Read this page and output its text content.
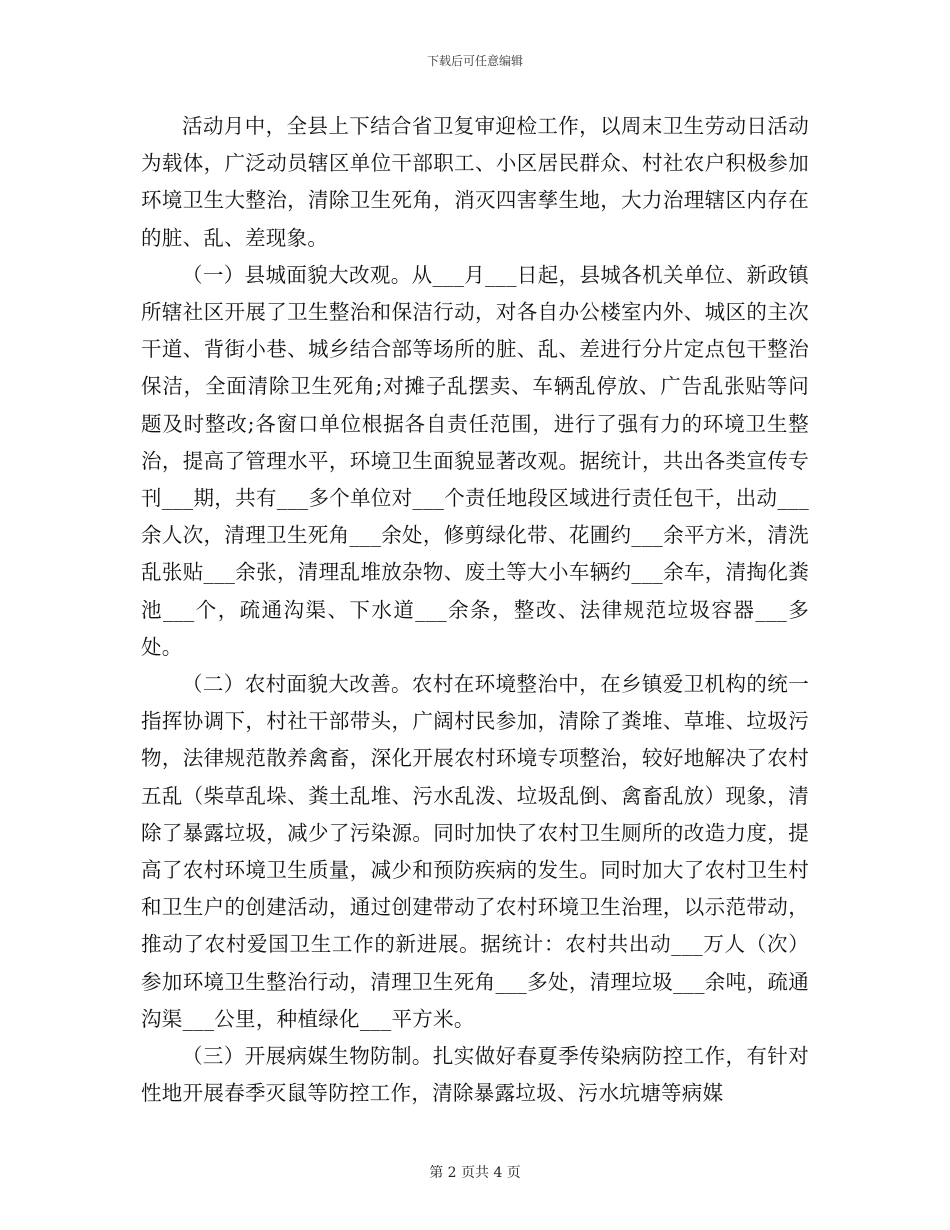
下载后可任意编辑

活动月中，全县上下结合省卫复审迎检工作，以周末卫生劳动日活动为载体，广泛动员辖区单位干部职工、小区居民群众、村社农户积极参加环境卫生大整治，清除卫生死角，消灭四害孳生地，大力治理辖区内存在的脏、乱、差现象。

（一）县城面貌大改观。从___月___日起，县城各机关单位、新政镇所辖社区开展了卫生整治和保洁行动，对各自办公楼室内外、城区的主次干道、背街小巷、城乡结合部等场所的脏、乱、差进行分片定点包干整治保洁，全面清除卫生死角;对摊子乱摆卖、车辆乱停放、广告乱张贴等问题及时整改;各窗口单位根据各自责任范围，进行了强有力的环境卫生整治，提高了管理水平，环境卫生面貌显著改观。据统计，共出各类宣传专刊___期，共有___多个单位对___个责任地段区域进行责任包干，出动___余人次，清理卫生死角___余处，修剪绿化带、花圃约___余平方米，清洗乱张贴___余张，清理乱堆放杂物、废土等大小车辆约___余车，清掏化粪池___个，疏通沟渠、下水道___余条，整改、法律规范垃圾容器___多处。

（二）农村面貌大改善。农村在环境整治中，在乡镇爱卫机构的统一指挥协调下，村社干部带头，广阔村民参加，清除了粪堆、草堆、垃圾污物，法律规范散养禽畜，深化开展农村环境专项整治，较好地解决了农村五乱（柴草乱垛、粪土乱堆、污水乱泼、垃圾乱倒、禽畜乱放）现象，清除了暴露垃圾，减少了污染源。同时加快了农村卫生厕所的改造力度，提高了农村环境卫生质量，减少和预防疾病的发生。同时加大了农村卫生村和卫生户的创建活动，通过创建带动了农村环境卫生治理，以示范带动，推动了农村爱国卫生工作的新进展。据统计：农村共出动___万人（次）参加环境卫生整治行动，清理卫生死角___多处，清理垃圾___余吨，疏通沟渠___公里，种植绿化___平方米。

（三）开展病媒生物防制。扎实做好春夏季传染病防控工作，有针对性地开展春季灭鼠等防控工作，清除暴露垃圾、污水坑塘等病媒

第 2 页共 4 页
